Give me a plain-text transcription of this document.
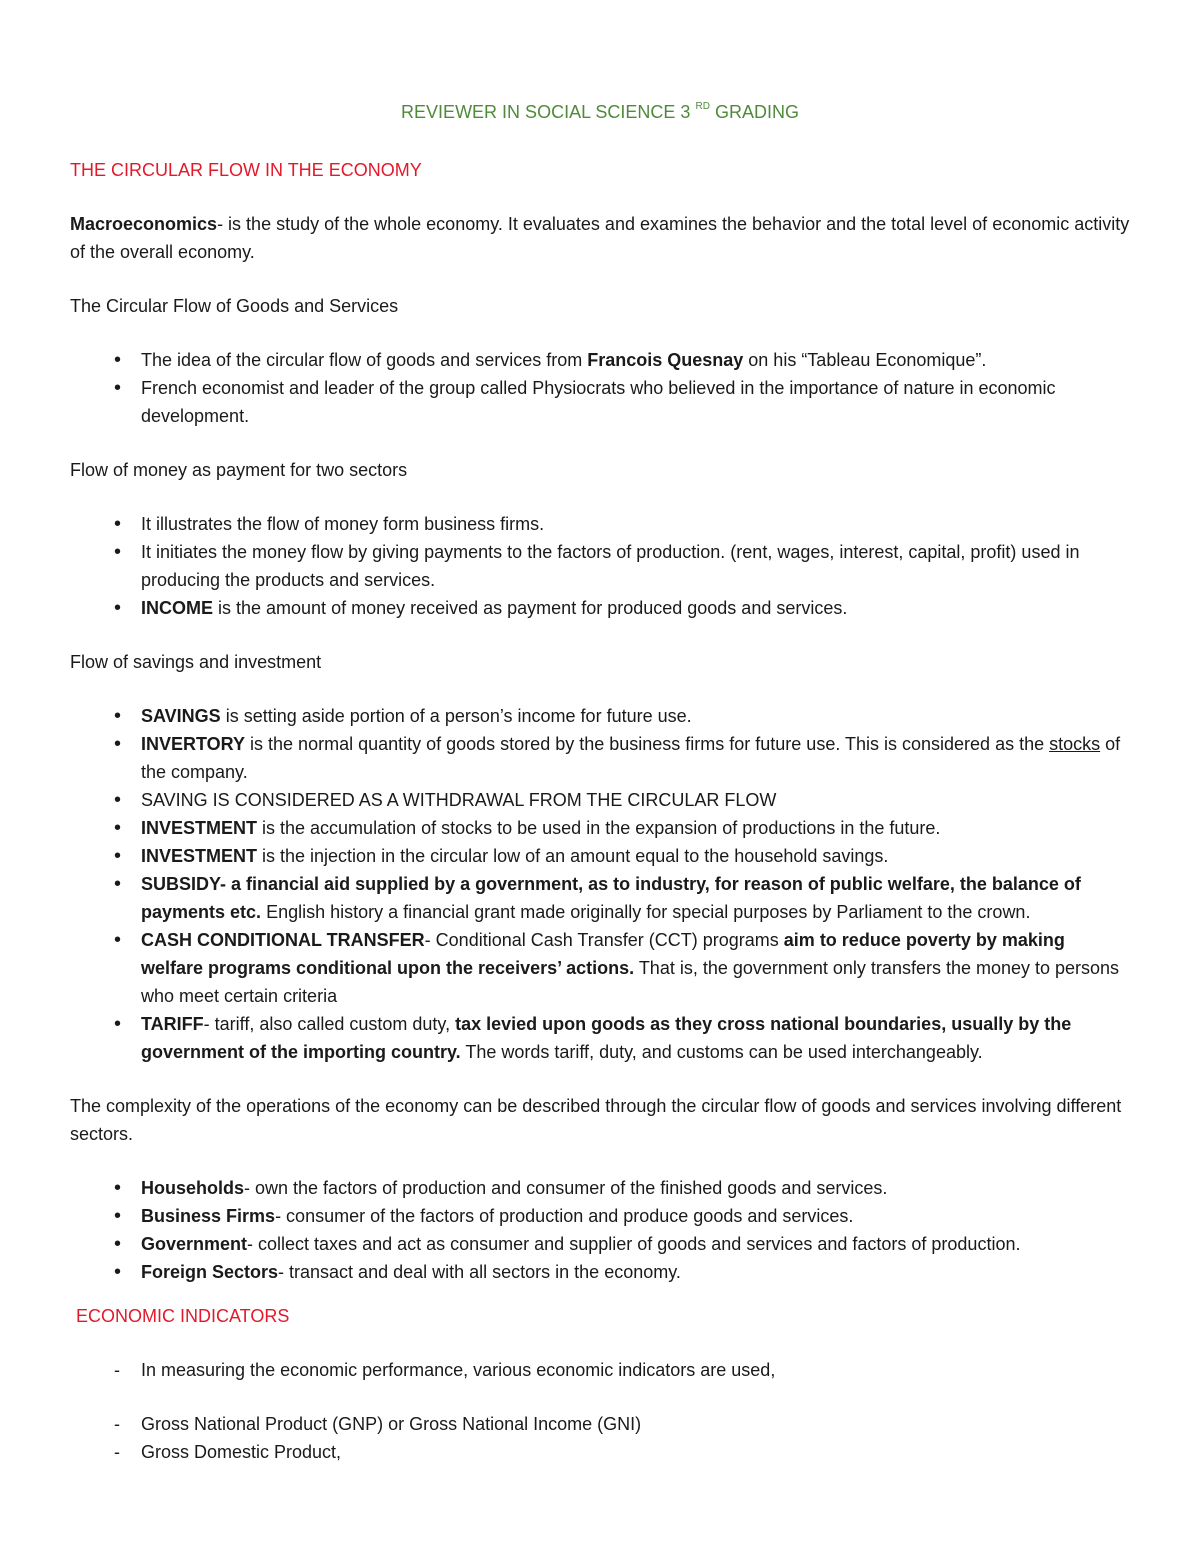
REVIEWER IN SOCIAL SCIENCE 3 $^{RD}$ GRADING
THE CIRCULAR FLOW IN THE ECONOMY
Macroeconomics- is the study of the whole economy. It evaluates and examines the behavior and the total level of economic activity of the overall economy.
The Circular Flow of Goods and Services
• The idea of the circular flow of goods and services from Francois Quesnay on his “Tableau Economique”.
• French economist and leader of the group called Physiocrats who believed in the importance of nature in economic development.
Flow of money as payment for two sectors
• It illustrates the flow of money form business firms.
• It initiates the money flow by giving payments to the factors of production. (rent, wages, interest, capital, profit) used in producing the products and services.
• INCOME is the amount of money received as payment for produced goods and services.
Flow of savings and investment
• SAVINGS is setting aside portion of a person’s income for future use.
• INVERTORY is the normal quantity of goods stored by the business firms for future use. This is considered as the stocks of the company.
• SAVING IS CONSIDERED AS A WITHDRAWAL FROM THE CIRCULAR FLOW
• INVESTMENT is the accumulation of stocks to be used in the expansion of productions in the future.
• INVESTMENT is the injection in the circular low of an amount equal to the household savings.
• SUBSIDY- a financial aid supplied by a government, as to industry, for reason of public welfare, the balance of payments etc. English history a financial grant made originally for special purposes by Parliament to the crown.
• CASH CONDITIONAL TRANSFER- Conditional Cash Transfer (CCT) programs aim to reduce poverty by making welfare programs conditional upon the receivers’ actions. That is, the government only transfers the money to persons who meet certain criteria
• TARIFF- tariff, also called custom duty, tax levied upon goods as they cross national boundaries, usually by the government of the importing country. The words tariff, duty, and customs can be used interchangeably.
The complexity of the operations of the economy can be described through the circular flow of goods and services involving different sectors.
• Households- own the factors of production and consumer of the finished goods and services.
• Business Firms- consumer of the factors of production and produce goods and services.
• Government- collect taxes and act as consumer and supplier of goods and services and factors of production.
• Foreign Sectors- transact and deal with all sectors in the economy.
ECONOMIC INDICATORS
- In measuring the economic performance, various economic indicators are used,
- Gross National Product (GNP) or Gross National Income (GNI)
- Gross Domestic Product,
